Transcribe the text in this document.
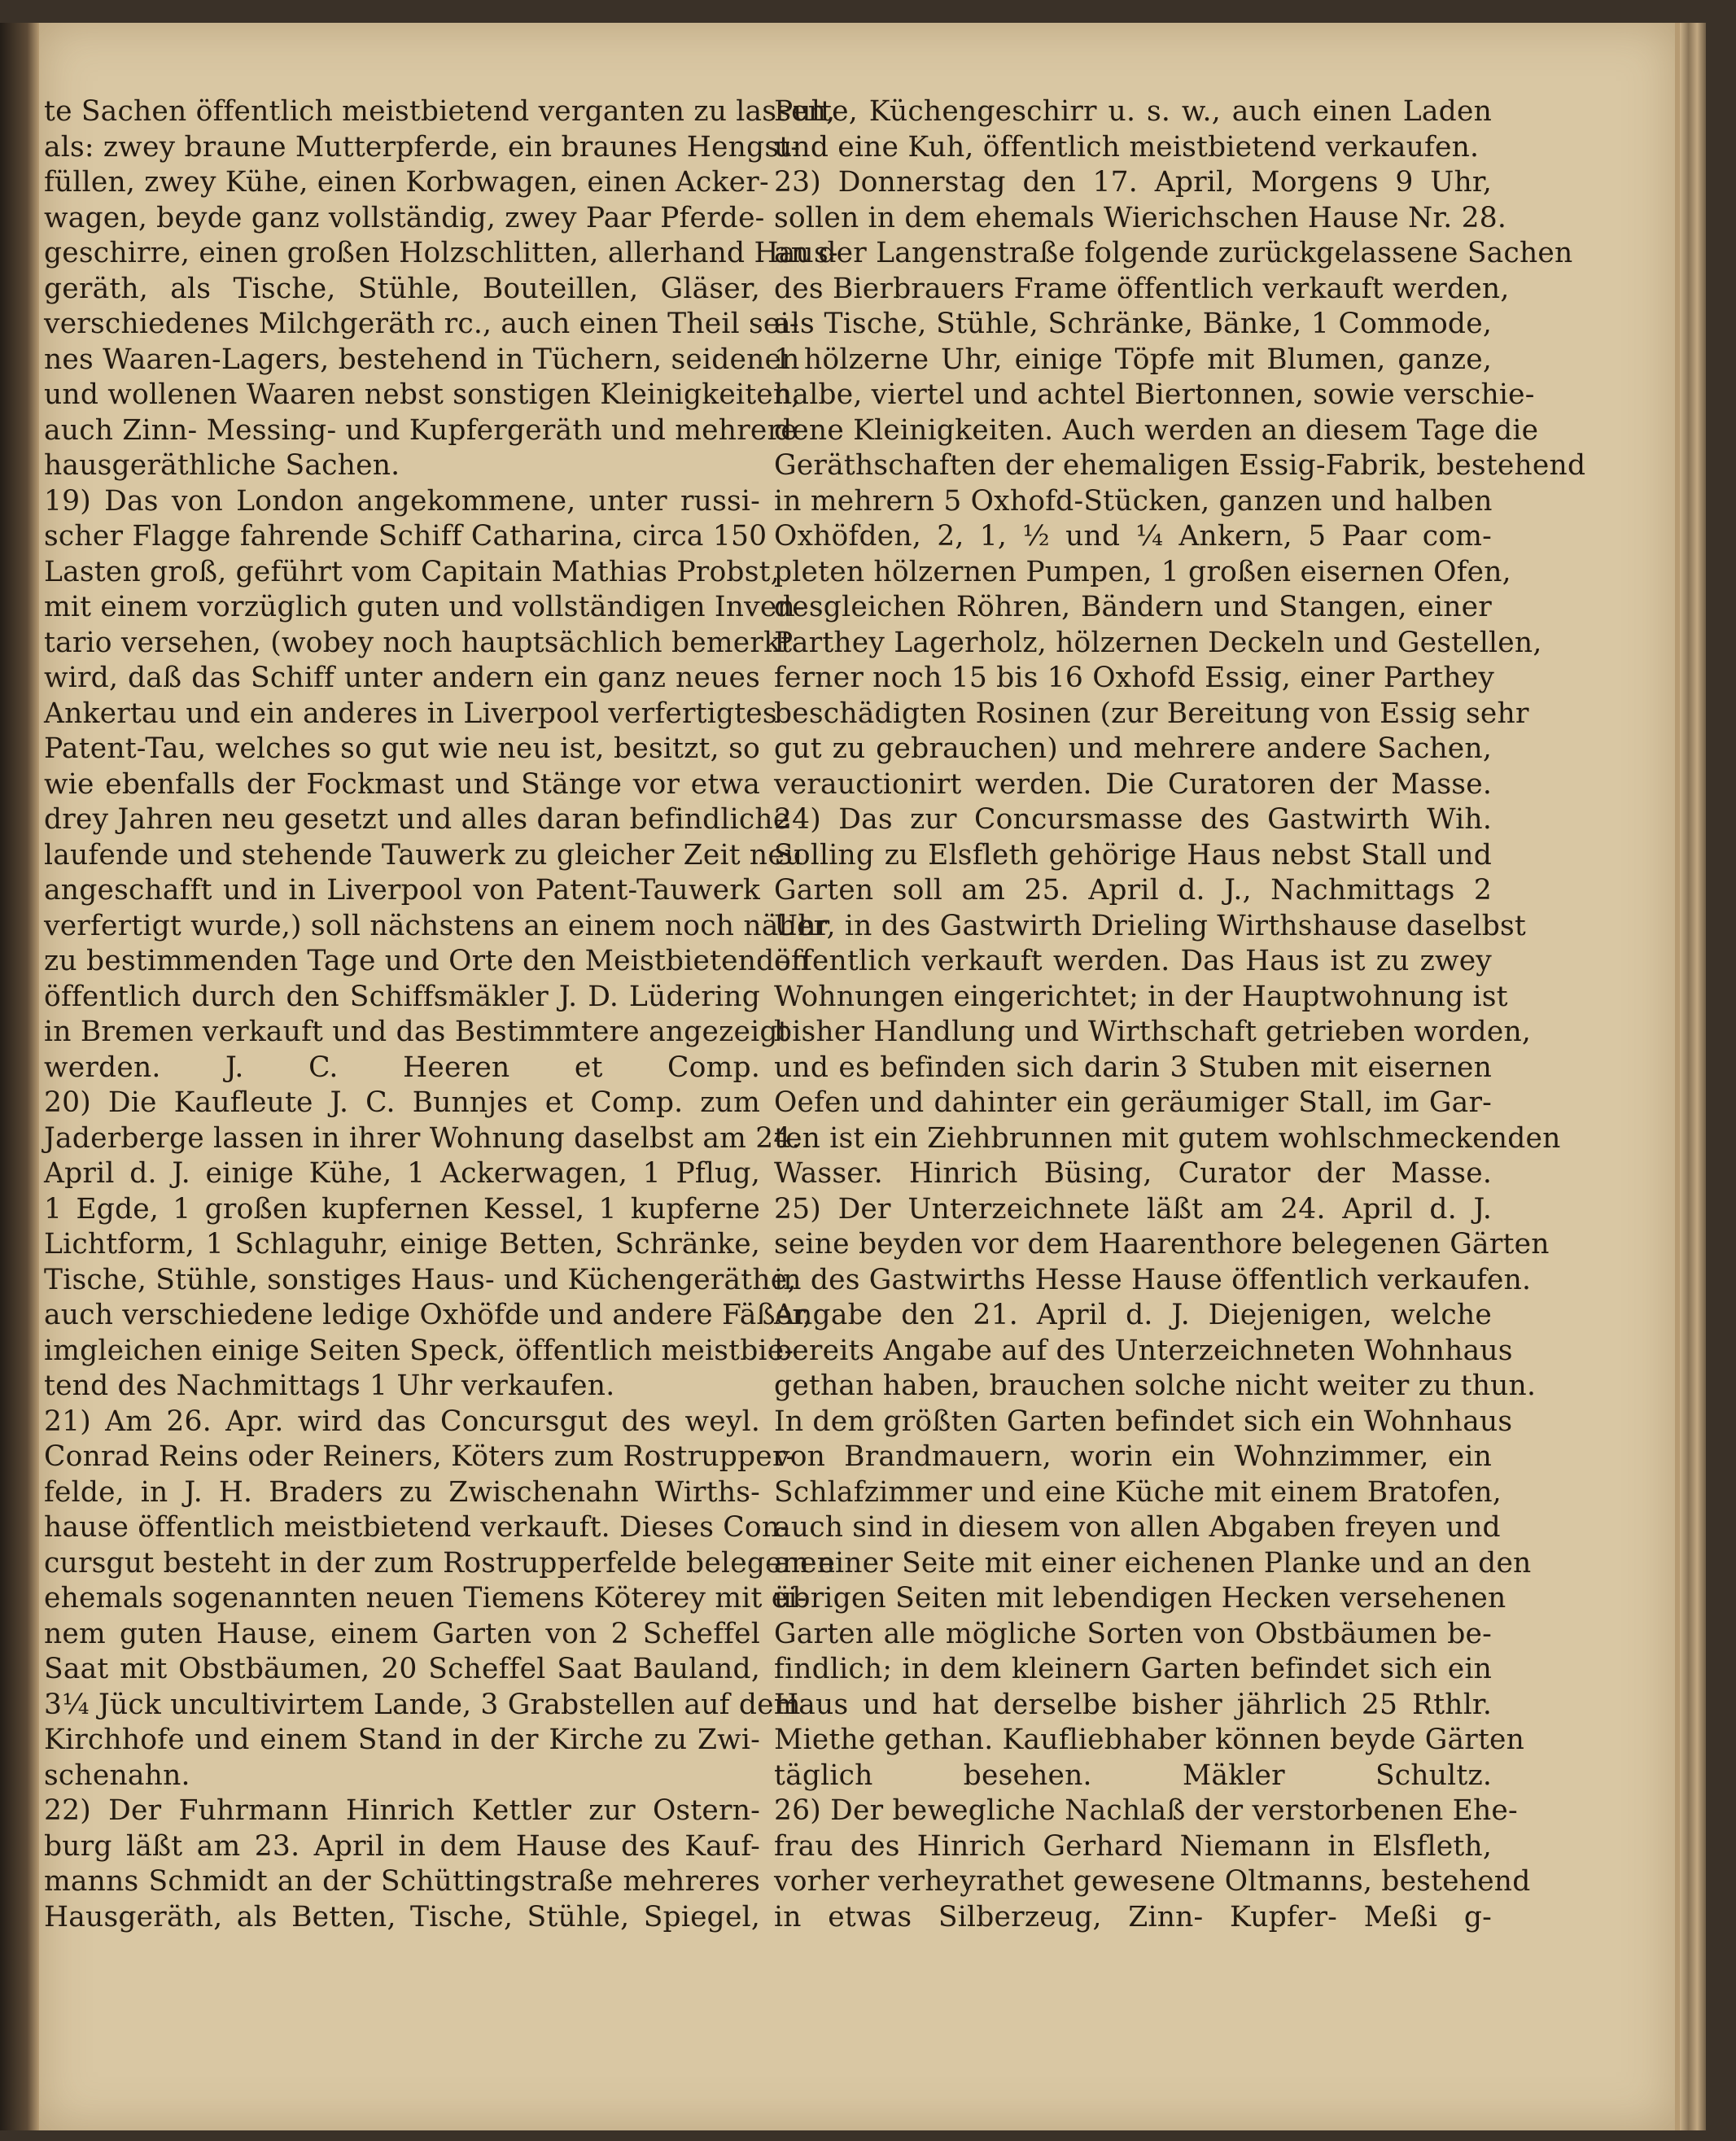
te Sachen öffentlich meistbietend verganten zu lassen,
als: zwey braune Mutterpferde, ein braunes Hengst-
füllen, zwey Kühe, einen Korbwagen, einen Acker-
wagen, beyde ganz vollständig, zwey Paar Pferde-
geschirre, einen großen Holzschlitten, allerhand Haus-
geräth, als Tische, Stühle, Bouteillen, Gläser,
verschiedenes Milchgeräth rc., auch einen Theil sei-
nes Waaren-Lagers, bestehend in Tüchern, seidenen
und wollenen Waaren nebst sonstigen Kleinigkeiten,
auch Zinn- Messing- und Kupfergeräth und mehrere
hausgeräthliche Sachen.
19) Das von London angekommene, unter russi-
scher Flagge fahrende Schiff Catharina, circa 150
Lasten groß, geführt vom Capitain Mathias Probst,
mit einem vorzüglich guten und vollständigen Inven-
tario versehen, (wobey noch hauptsächlich bemerkt
wird, daß das Schiff unter andern ein ganz neues
Ankertau und ein anderes in Liverpool verfertigtes
Patent-Tau, welches so gut wie neu ist, besitzt, so
wie ebenfalls der Fockmast und Stänge vor etwa
drey Jahren neu gesetzt und alles daran befindliche
laufende und stehende Tauwerk zu gleicher Zeit neu
angeschafft und in Liverpool von Patent-Tauwerk
verfertigt wurde,) soll nächstens an einem noch näher
zu bestimmenden Tage und Orte den Meistbietenden
öffentlich durch den Schiffsmäkler J. D. Lüdering
in Bremen verkauft und das Bestimmtere angezeigt
werden. J. C. Heeren et Comp.
20) Die Kaufleute J. C. Bunnjes et Comp. zum
Jaderberge lassen in ihrer Wohnung daselbst am 24.
April d. J. einige Kühe, 1 Ackerwagen, 1 Pflug,
1 Egde, 1 großen kupfernen Kessel, 1 kupferne
Lichtform, 1 Schlaguhr, einige Betten, Schränke,
Tische, Stühle, sonstiges Haus- und Küchengeräthe,
auch verschiedene ledige Oxhöfde und andere Fäßer,
imgleichen einige Seiten Speck, öffentlich meistbie-
tend des Nachmittags 1 Uhr verkaufen.
21) Am 26. Apr. wird das Concursgut des weyl.
Conrad Reins oder Reiners, Köters zum Rostrupper-
felde, in J. H. Braders zu Zwischenahn Wirths-
hause öffentlich meistbietend verkauft. Dieses Con-
cursgut besteht in der zum Rostrupperfelde belegenen
ehemals sogenannten neuen Tiemens Köterey mit ei-
nem guten Hause, einem Garten von 2 Scheffel
Saat mit Obstbäumen, 20 Scheffel Saat Bauland,
3¼ Jück uncultivirtem Lande, 3 Grabstellen auf dem
Kirchhofe und einem Stand in der Kirche zu Zwi-
schenahn.
22) Der Fuhrmann Hinrich Kettler zur Ostern-
burg läßt am 23. April in dem Hause des Kauf-
manns Schmidt an der Schüttingstraße mehreres
Hausgeräth, als Betten, Tische, Stühle, Spiegel,
Pulte, Küchengeschirr u. s. w., auch einen Laden
und eine Kuh, öffentlich meistbietend verkaufen.
23) Donnerstag den 17. April, Morgens 9 Uhr,
sollen in dem ehemals Wierichschen Hause Nr. 28.
an der Langenstraße folgende zurückgelassene Sachen
des Bierbrauers Frame öffentlich verkauft werden,
als Tische, Stühle, Schränke, Bänke, 1 Commode,
1 hölzerne Uhr, einige Töpfe mit Blumen, ganze,
halbe, viertel und achtel Biertonnen, sowie verschie-
dene Kleinigkeiten. Auch werden an diesem Tage die
Geräthschaften der ehemaligen Essig-Fabrik, bestehend
in mehrern 5 Oxhofd-Stücken, ganzen und halben
Oxhöfden, 2, 1, ½ und ¼ Ankern, 5 Paar com-
pleten hölzernen Pumpen, 1 großen eisernen Ofen,
desgleichen Röhren, Bändern und Stangen, einer
Parthey Lagerholz, hölzernen Deckeln und Gestellen,
ferner noch 15 bis 16 Oxhofd Essig, einer Parthey
beschädigten Rosinen (zur Bereitung von Essig sehr
gut zu gebrauchen) und mehrere andere Sachen,
verauctionirt werden. Die Curatoren der Masse.
24) Das zur Concursmasse des Gastwirth Wih.
Solling zu Elsfleth gehörige Haus nebst Stall und
Garten soll am 25. April d. J., Nachmittags 2
Uhr, in des Gastwirth Drieling Wirthshause daselbst
öffentlich verkauft werden. Das Haus ist zu zwey
Wohnungen eingerichtet; in der Hauptwohnung ist
bisher Handlung und Wirthschaft getrieben worden,
und es befinden sich darin 3 Stuben mit eisernen
Oefen und dahinter ein geräumiger Stall, im Gar-
ten ist ein Ziehbrunnen mit gutem wohlschmeckenden
Wasser. Hinrich Büsing, Curator der Masse.
25) Der Unterzeichnete läßt am 24. April d. J.
seine beyden vor dem Haarenthore belegenen Gärten
in des Gastwirths Hesse Hause öffentlich verkaufen.
Angabe den 21. April d. J. Diejenigen, welche
bereits Angabe auf des Unterzeichneten Wohnhaus
gethan haben, brauchen solche nicht weiter zu thun.
In dem größten Garten befindet sich ein Wohnhaus
von Brandmauern, worin ein Wohnzimmer, ein
Schlafzimmer und eine Küche mit einem Bratofen,
auch sind in diesem von allen Abgaben freyen und
an einer Seite mit einer eichenen Planke und an den
übrigen Seiten mit lebendigen Hecken versehenen
Garten alle mögliche Sorten von Obstbäumen be-
findlich; in dem kleinern Garten befindet sich ein
Haus und hat derselbe bisher jährlich 25 Rthlr.
Miethe gethan. Kaufliebhaber können beyde Gärten
täglich besehen. Mäkler Schultz.
26) Der bewegliche Nachlaß der verstorbenen Ehe-
frau des Hinrich Gerhard Niemann in Elsfleth,
vorher verheyrathet gewesene Oltmanns, bestehend
in etwas Silberzeug, Zinn- Kupfer- Meßi g-
